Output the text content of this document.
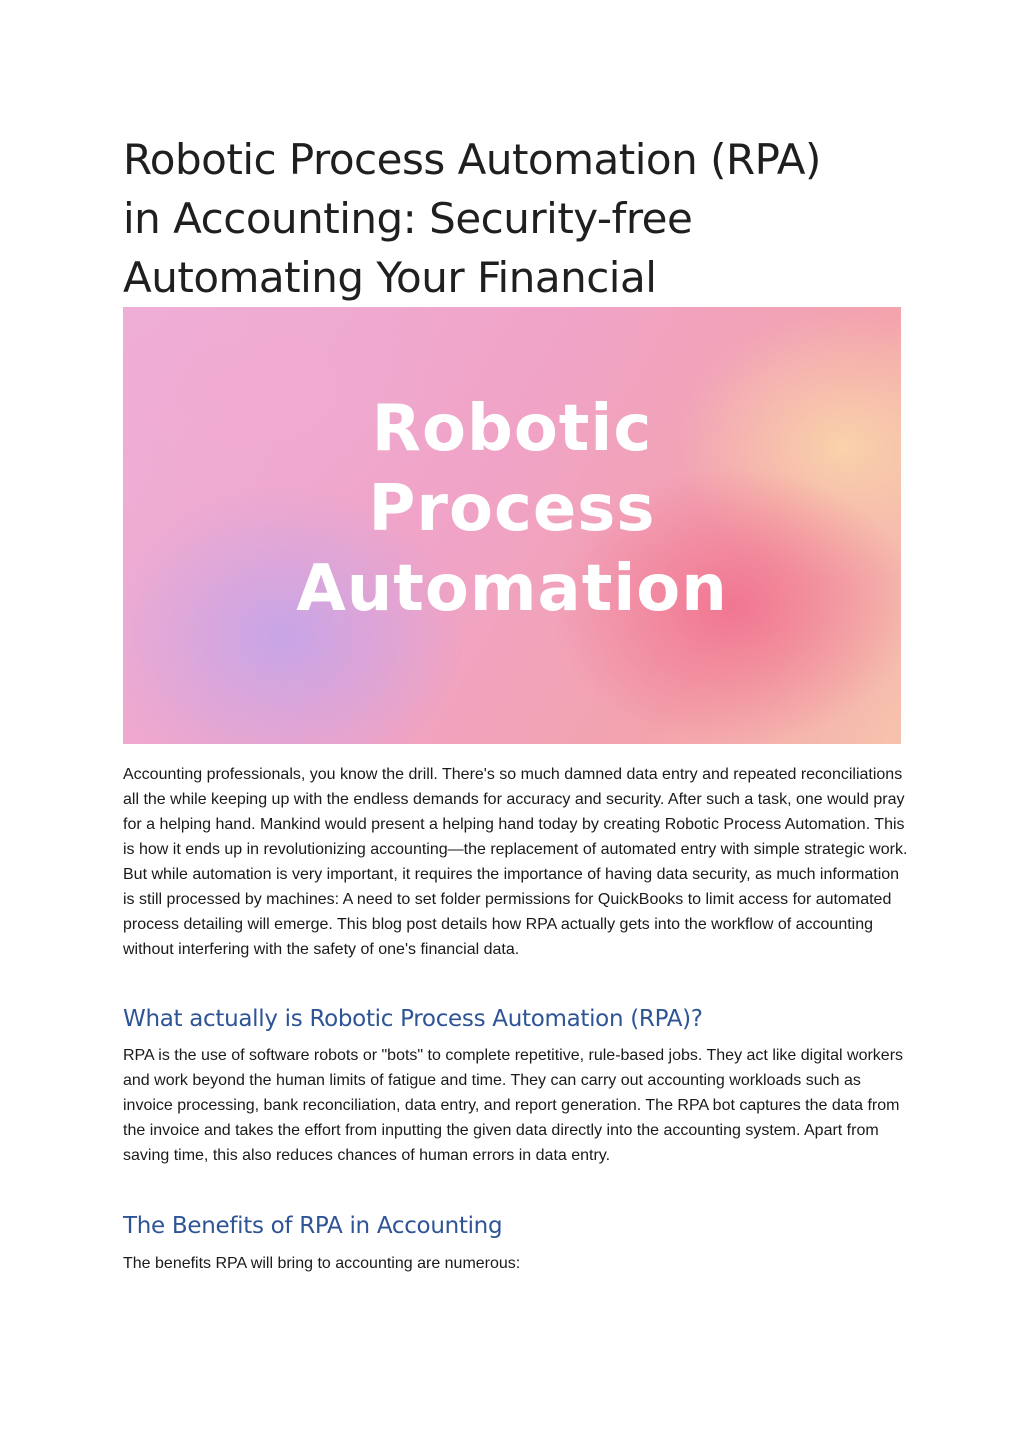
Robotic Process Automation (RPA)
in Accounting: Security-free
Automating Your Financial
Robotic
Process
Automation

Accounting professionals, you know the drill. There's so much damned data entry and repeated reconciliations all the while keeping up with the endless demands for accuracy and security. After such a task, one would pray for a helping hand. Mankind would present a helping hand today by creating Robotic Process Automation. This is how it ends up in revolutionizing accounting—the replacement of automated entry with simple strategic work. But while automation is very important, it requires the importance of having data security, as much information is still processed by machines: A need to set folder permissions for QuickBooks to limit access for automated process detailing will emerge. This blog post details how RPA actually gets into the workflow of accounting without interfering with the safety of one's financial data.

What actually is Robotic Process Automation (RPA)?

RPA is the use of software robots or "bots" to complete repetitive, rule-based jobs. They act like digital workers and work beyond the human limits of fatigue and time. They can carry out accounting workloads such as invoice processing, bank reconciliation, data entry, and report generation. The RPA bot captures the data from the invoice and takes the effort from inputting the given data directly into the accounting system. Apart from saving time, this also reduces chances of human errors in data entry.

The Benefits of RPA in Accounting

The benefits RPA will bring to accounting are numerous:
